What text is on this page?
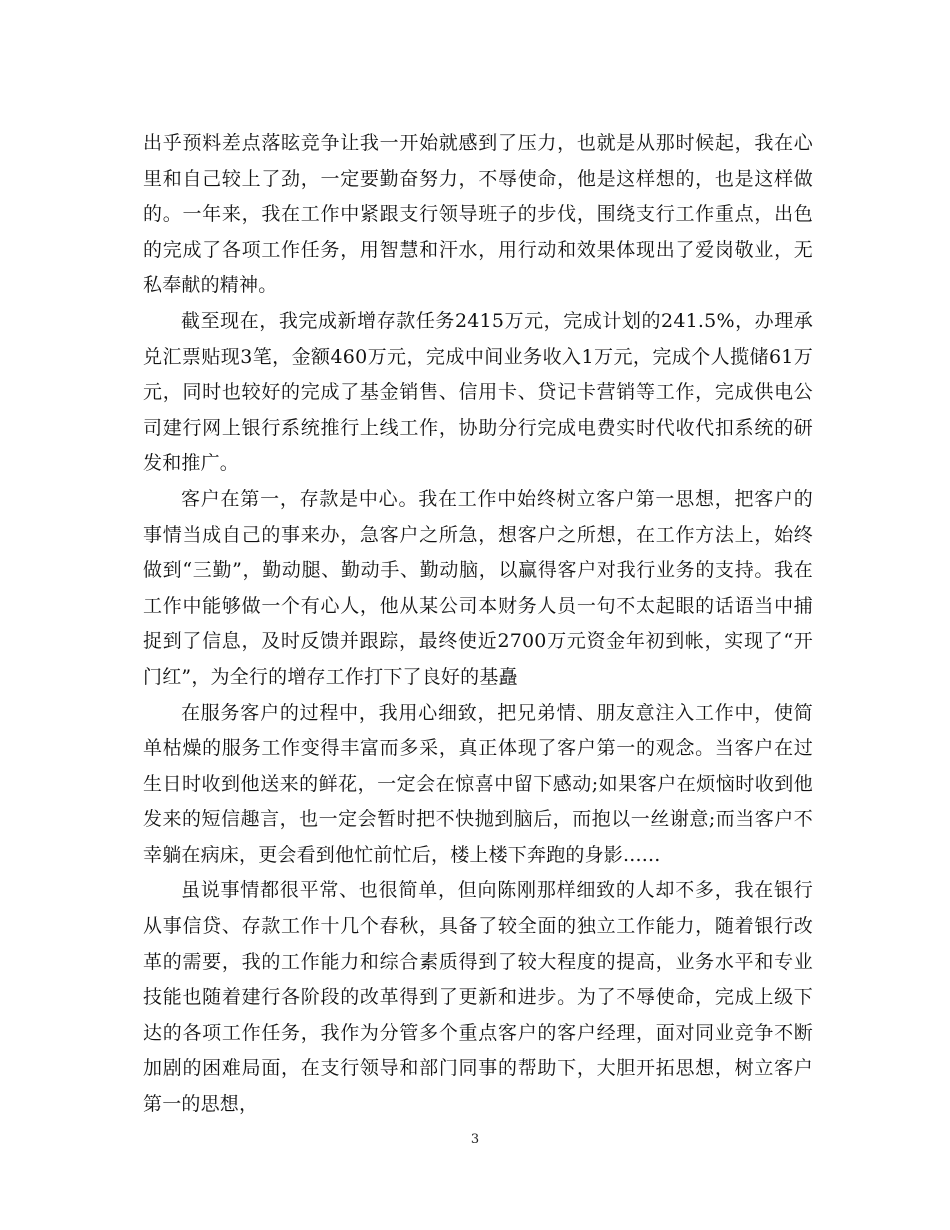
出乎预料差点落眩竞争让我一开始就感到了压力，也就是从那时候起，我在心里和自己较上了劲，一定要勤奋努力，不辱使命，他是这样想的，也是这样做的。一年来，我在工作中紧跟支行领导班子的步伐，围绕支行工作重点，出色的完成了各项工作任务，用智慧和汗水，用行动和效果体现出了爱岗敬业，无私奉献的精神。

截至现在，我完成新增存款任务2415万元，完成计划的241.5%，办理承兑汇票贴现3笔，金额460万元，完成中间业务收入1万元，完成个人揽储61万元，同时也较好的完成了基金销售、信用卡、贷记卡营销等工作，完成供电公司建行网上银行系统推行上线工作，协助分行完成电费实时代收代扣系统的研发和推广。

客户在第一，存款是中心。我在工作中始终树立客户第一思想，把客户的事情当成自己的事来办，急客户之所急，想客户之所想，在工作方法上，始终做到“三勤”，勤动腿、勤动手、勤动脑，以赢得客户对我行业务的支持。我在工作中能够做一个有心人，他从某公司本财务人员一句不太起眼的话语当中捕捉到了信息，及时反馈并跟踪，最终使近2700万元资金年初到帐，实现了“开门红”，为全行的增存工作打下了良好的基矗

在服务客户的过程中，我用心细致，把兄弟情、朋友意注入工作中，使简单枯燥的服务工作变得丰富而多采，真正体现了客户第一的观念。当客户在过生日时收到他送来的鲜花，一定会在惊喜中留下感动;如果客户在烦恼时收到他发来的短信趣言，也一定会暂时把不快抛到脑后，而抱以一丝谢意;而当客户不幸躺在病床，更会看到他忙前忙后，楼上楼下奔跑的身影......

虽说事情都很平常、也很简单，但向陈刚那样细致的人却不多，我在银行从事信贷、存款工作十几个春秋，具备了较全面的独立工作能力，随着银行改革的需要，我的工作能力和综合素质得到了较大程度的提高，业务水平和专业技能也随着建行各阶段的改革得到了更新和进步。为了不辱使命，完成上级下达的各项工作任务，我作为分管多个重点客户的客户经理，面对同业竞争不断加剧的困难局面，在支行领导和部门同事的帮助下，大胆开拓思想，树立客户第一的思想，

3
